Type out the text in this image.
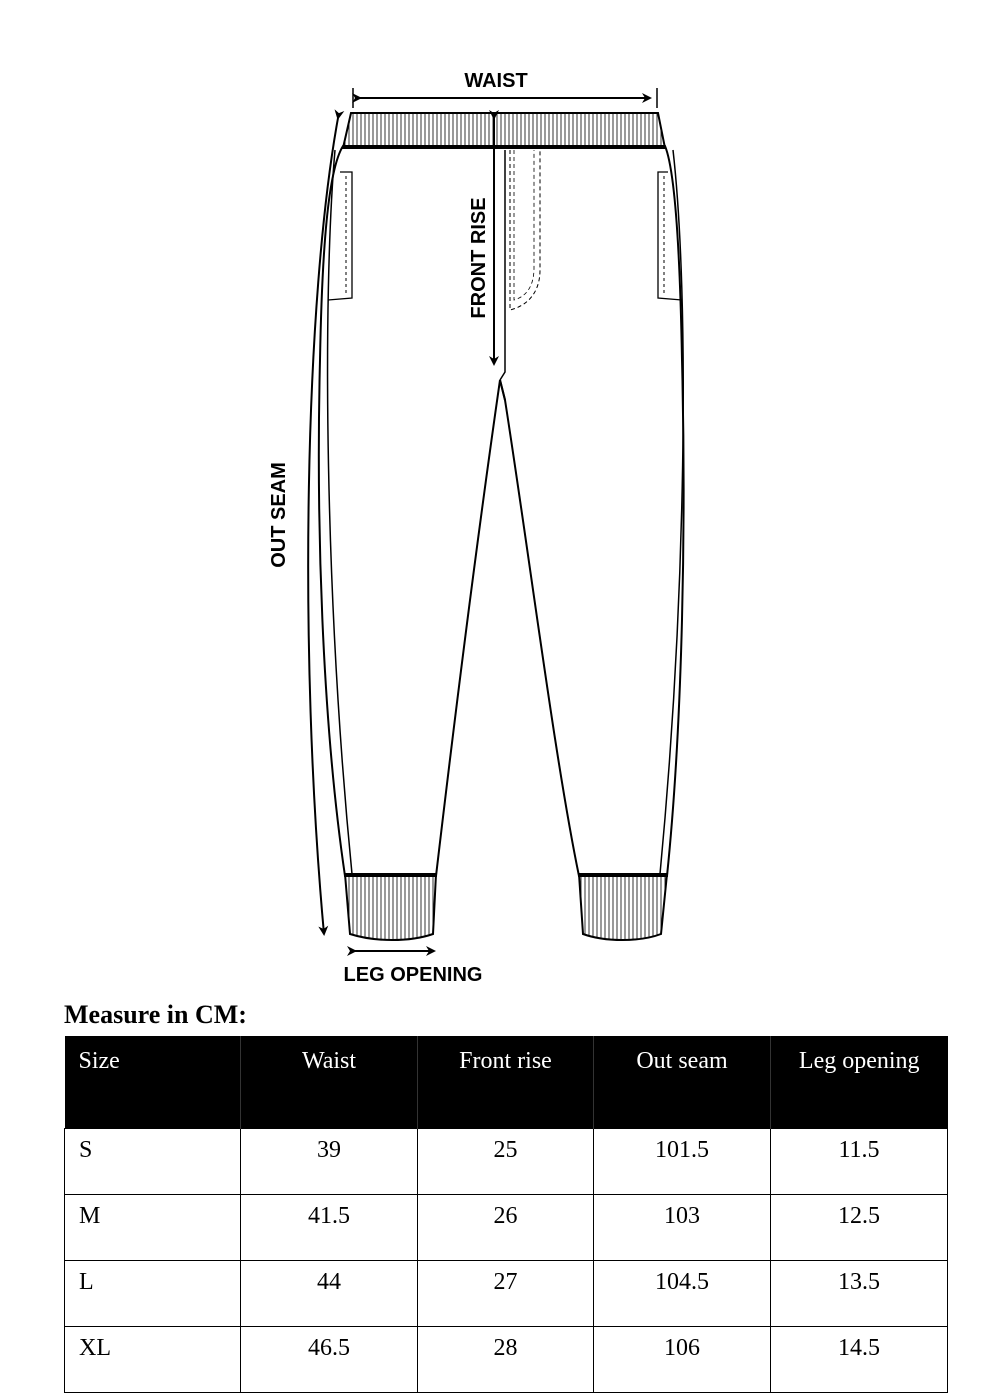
WAIST
FRONT RISE
OUT SEAM
LEG OPENING
Measure in CM:
Size	Waist	Front rise	Out seam	Leg opening
S	39	25	101.5	11.5
M	41.5	26	103	12.5
L	44	27	104.5	13.5
XL	46.5	28	106	14.5
